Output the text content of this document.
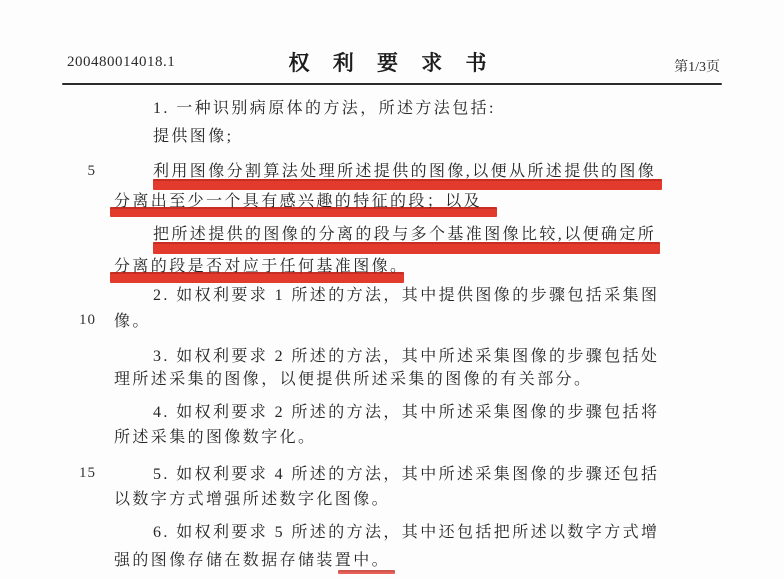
200480014018.1	权 利 要 求 书	第1/3页
1. 一种识别病原体的方法，所述方法包括:
提供图像;
利用图像分割算法处理所述提供的图像,以便从所述提供的图像
分离出至少一个具有感兴趣的特征的段；以及
把所述提供的图像的分离的段与多个基准图像比较,以便确定所
分离的段是否对应于任何基准图像。
2. 如权利要求 1 所述的方法，其中提供图像的步骤包括采集图
像。
3. 如权利要求 2 所述的方法，其中所述采集图像的步骤包括处
理所述采集的图像，以便提供所述采集的图像的有关部分。
4. 如权利要求 2 所述的方法，其中所述采集图像的步骤包括将
所述采集的图像数字化。
5. 如权利要求 4 所述的方法，其中所述采集图像的步骤还包括
以数字方式增强所述数字化图像。
6. 如权利要求 5 所述的方法，其中还包括把所述以数字方式增
强的图像存储在数据存储装置中。
5
10
15
